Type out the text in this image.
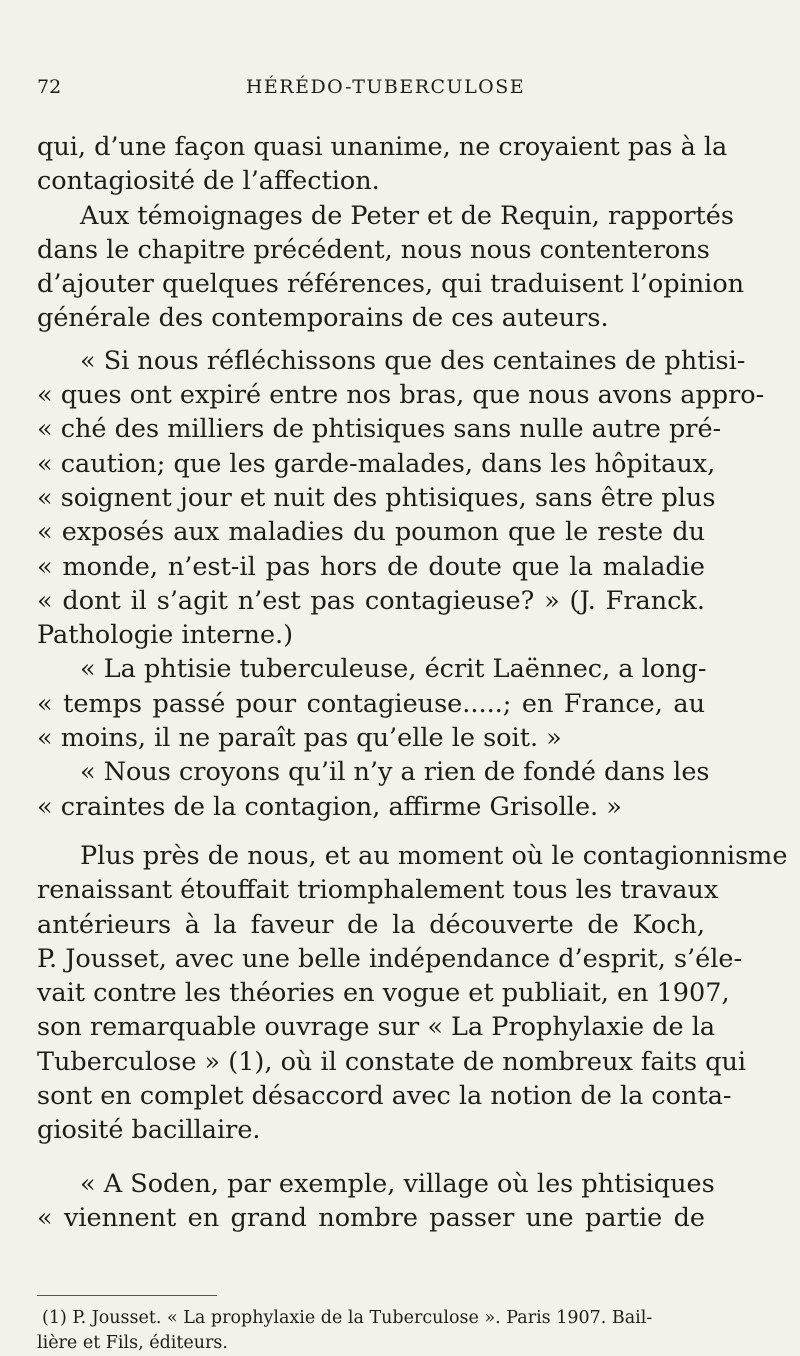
72	HÉRÉDO-TUBERCULOSE
qui, d’une façon quasi unanime, ne croyaient pas à la
contagiosité de l’affection.
Aux témoignages de Peter et de Requin, rapportés
dans le chapitre précédent, nous nous contenterons
d’ajouter quelques références, qui traduisent l’opinion
générale des contemporains de ces auteurs.
« Si nous réfléchissons que des centaines de phtisi-
« ques ont expiré entre nos bras, que nous avons appro-
« ché des milliers de phtisiques sans nulle autre pré-
« caution; que les garde-malades, dans les hôpitaux,
« soignent jour et nuit des phtisiques, sans être plus
« exposés aux maladies du poumon que le reste du
« monde, n’est-il pas hors de doute que la maladie
« dont il s’agit n’est pas contagieuse? » (J. Franck.
Pathologie interne.)
« La phtisie tuberculeuse, écrit Laënnec, a long-
« temps passé pour contagieuse.....; en France, au
« moins, il ne paraît pas qu’elle le soit. »
« Nous croyons qu’il n’y a rien de fondé dans les
« craintes de la contagion, affirme Grisolle. »
Plus près de nous, et au moment où le contagionnisme
renaissant étouffait triomphalement tous les travaux
antérieurs à la faveur de la découverte de Koch,
P. Jousset, avec une belle indépendance d’esprit, s’éle-
vait contre les théories en vogue et publiait, en 1907,
son remarquable ouvrage sur « La Prophylaxie de la
Tuberculose » (1), où il constate de nombreux faits qui
sont en complet désaccord avec la notion de la conta-
giosité bacillaire.
« A Soden, par exemple, village où les phtisiques
« viennent en grand nombre passer une partie de
(1) P. Jousset. « La prophylaxie de la Tuberculose ». Paris 1907. Bail-
lière et Fils, éditeurs.
